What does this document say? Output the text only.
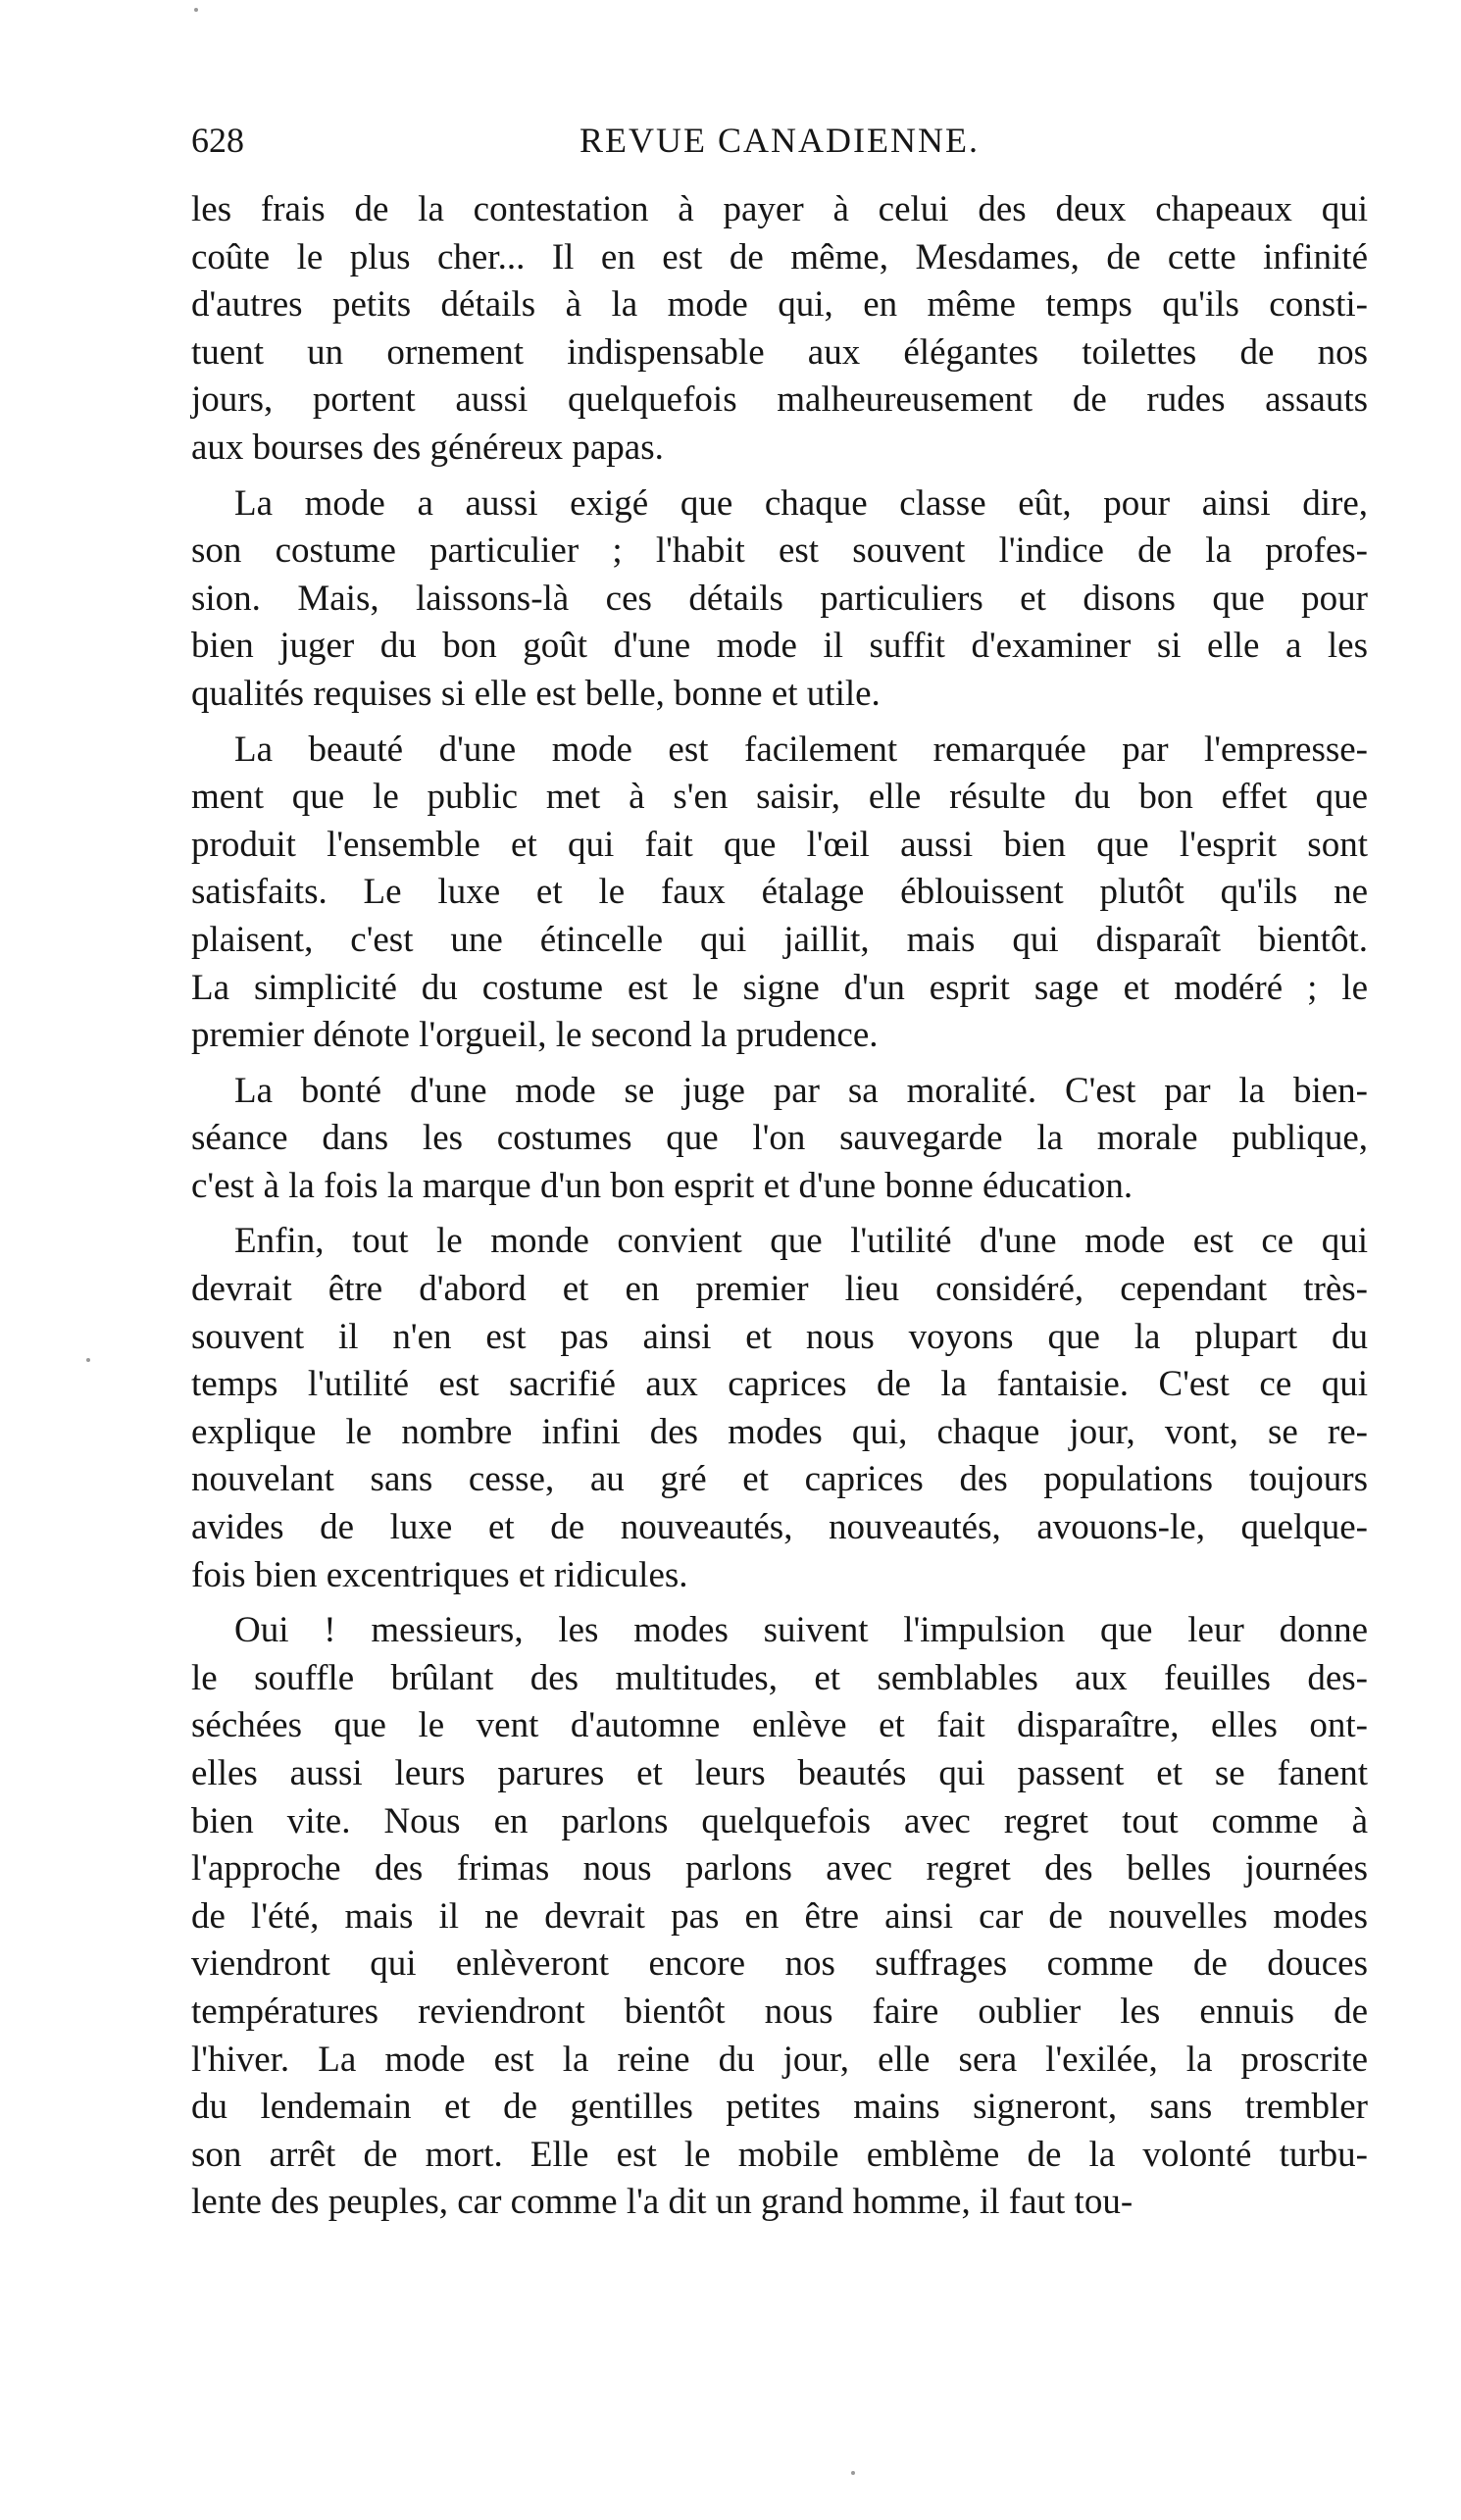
628	REVUE CANADIENNE.

les frais de la contestation à payer à celui des deux chapeaux qui
coûte le plus cher... Il en est de même, Mesdames, de cette infinité
d'autres petits détails à la mode qui, en même temps qu'ils consti-
tuent un ornement indispensable aux élégantes toilettes de nos
jours, portent aussi quelquefois malheureusement de rudes assauts
aux bourses des généreux papas.

La mode a aussi exigé que chaque classe eût, pour ainsi dire,
son costume particulier ; l'habit est souvent l'indice de la profes-
sion. Mais, laissons-là ces détails particuliers et disons que pour
bien juger du bon goût d'une mode il suffit d'examiner si elle a les
qualités requises si elle est belle, bonne et utile.

La beauté d'une mode est facilement remarquée par l'empresse-
ment que le public met à s'en saisir, elle résulte du bon effet que
produit l'ensemble et qui fait que l'œil aussi bien que l'esprit sont
satisfaits. Le luxe et le faux étalage éblouissent plutôt qu'ils ne
plaisent, c'est une étincelle qui jaillit, mais qui disparaît bientôt.
La simplicité du costume est le signe d'un esprit sage et modéré ; le
premier dénote l'orgueil, le second la prudence.

La bonté d'une mode se juge par sa moralité. C'est par la bien-
séance dans les costumes que l'on sauvegarde la morale publique,
c'est à la fois la marque d'un bon esprit et d'une bonne éducation.

Enfin, tout le monde convient que l'utilité d'une mode est ce qui
devrait être d'abord et en premier lieu considéré, cependant très-
souvent il n'en est pas ainsi et nous voyons que la plupart du
temps l'utilité est sacrifié aux caprices de la fantaisie. C'est ce qui
explique le nombre infini des modes qui, chaque jour, vont, se re-
nouvelant sans cesse, au gré et caprices des populations toujours
avides de luxe et de nouveautés, nouveautés, avouons-le, quelque-
fois bien excentriques et ridicules.

Oui ! messieurs, les modes suivent l'impulsion que leur donne
le souffle brûlant des multitudes, et semblables aux feuilles des-
séchées que le vent d'automne enlève et fait disparaître, elles ont-
elles aussi leurs parures et leurs beautés qui passent et se fanent
bien vite. Nous en parlons quelquefois avec regret tout comme à
l'approche des frimas nous parlons avec regret des belles journées
de l'été, mais il ne devrait pas en être ainsi car de nouvelles modes
viendront qui enlèveront encore nos suffrages comme de douces
températures reviendront bientôt nous faire oublier les ennuis de
l'hiver. La mode est la reine du jour, elle sera l'exilée, la proscrite
du lendemain et de gentilles petites mains signeront, sans trembler
son arrêt de mort. Elle est le mobile emblème de la volonté turbu-
lente des peuples, car comme l'a dit un grand homme, il faut tou-
